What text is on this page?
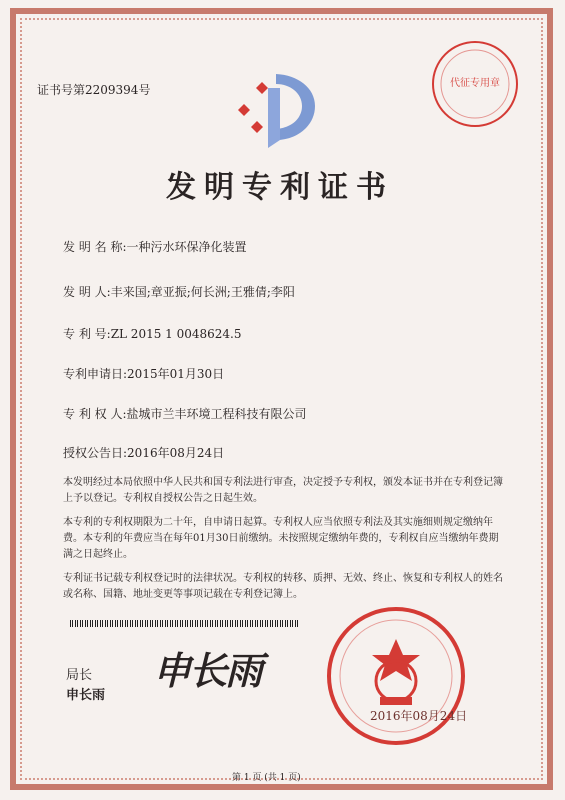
证书号第2209394号	代征专用章
发明专利证书
发 明 名 称:一种污水环保净化装置
发 明 人:丰来国;章亚振;何长洲;王雅倩;李阳
专 利 号:ZL 2015 1 0048624.5
专利申请日:2015年01月30日
专 利 权 人:盐城市兰丰环境工程科技有限公司
授权公告日:2016年08月24日
本发明经过本局依照中华人民共和国专利法进行审查，决定授予专利权，颁发本证书并在专利登记簿上予以登记。专利权自授权公告之日起生效。
本专利的专利权期限为二十年，自申请日起算。专利权人应当依照专利法及其实施细则规定缴纳年费。本专利的年费应当在每年01月30日前缴纳。未按照规定缴纳年费的，专利权自应当缴纳年费期满之日起终止。
专利证书记载专利权登记时的法律状况。专利权的转移、质押、无效、终止、恢复和专利权人的姓名或名称、国籍、地址变更等事项记载在专利登记簿上。
局长
申长雨
申长雨
2016年08月24日
第 1 页 (共 1 页)
